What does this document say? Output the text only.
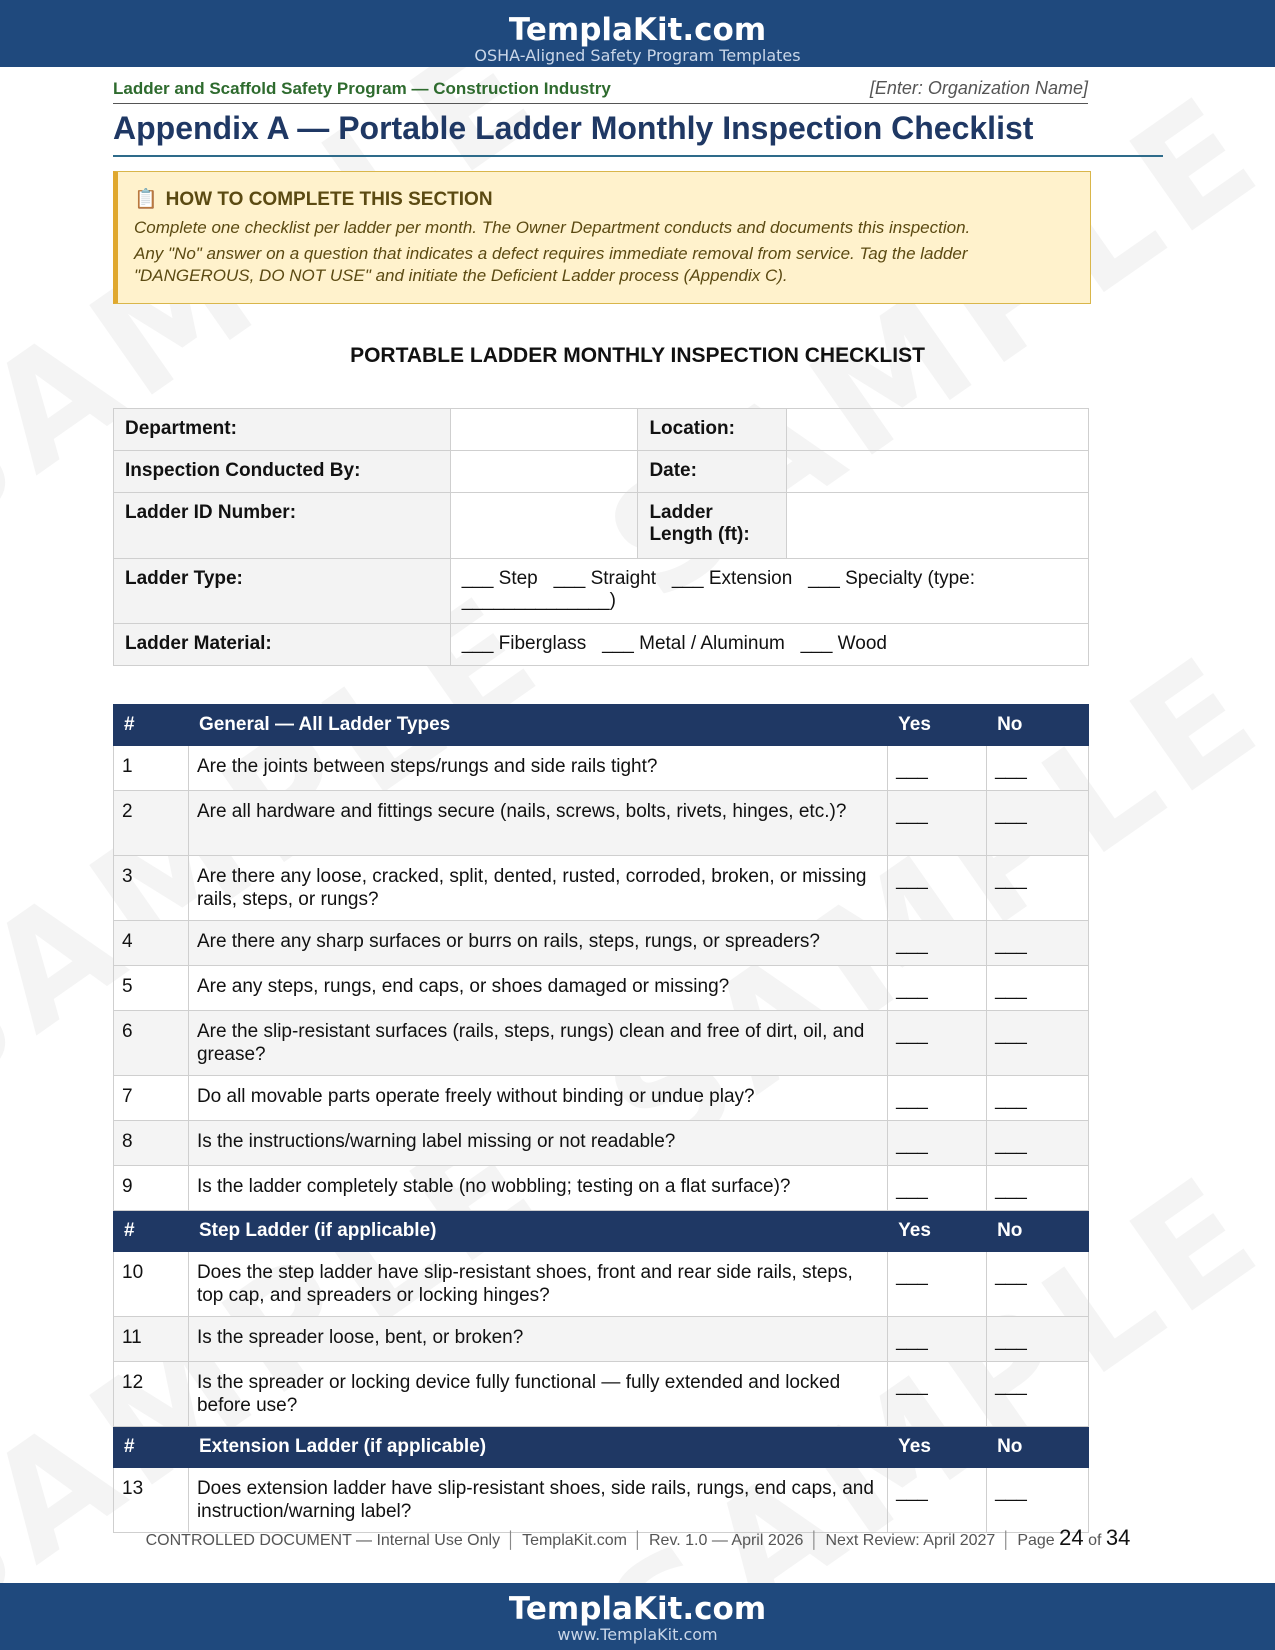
TemplaKit.com
OSHA-Aligned Safety Program Templates
Ladder and Scaffold Safety Program — Construction Industry	[Enter: Organization Name]
Appendix A — Portable Ladder Monthly Inspection Checklist
📋 HOW TO COMPLETE THIS SECTION

Complete one checklist per ladder per month. The Owner Department conducts and documents this inspection.

Any "No" answer on a question that indicates a defect requires immediate removal from service. Tag the ladder "DANGEROUS, DO NOT USE" and initiate the Deficient Ladder process (Appendix C).

PORTABLE LADDER MONTHLY INSPECTION CHECKLIST
Department:		Location:	
Inspection Conducted By:		Date:	
Ladder ID Number:		Ladder Length (ft):	
Ladder Type:	___ Step   ___ Straight   ___ Extension   ___ Specialty (type: ______________)		
Ladder Material:	___ Fiberglass   ___ Metal / Aluminum   ___ Wood		
#	General — All Ladder Types	Yes	No
1	Are the joints between steps/rungs and side rails tight?	___	___
2	Are all hardware and fittings secure (nails, screws, bolts, rivets, hinges, etc.)?	___	___
3	Are there any loose, cracked, split, dented, rusted, corroded, broken, or missing rails, steps, or rungs?	___	___
4	Are there any sharp surfaces or burrs on rails, steps, rungs, or spreaders?	___	___
5	Are any steps, rungs, end caps, or shoes damaged or missing?	___	___
6	Are the slip-resistant surfaces (rails, steps, rungs) clean and free of dirt, oil, and grease?	___	___
7	Do all movable parts operate freely without binding or undue play?	___	___
8	Is the instructions/warning label missing or not readable?	___	___
9	Is the ladder completely stable (no wobbling; testing on a flat surface)?	___	___
#	Step Ladder (if applicable)	Yes	No
10	Does the step ladder have slip-resistant shoes, front and rear side rails, steps, top cap, and spreaders or locking hinges?	___	___
11	Is the spreader loose, bent, or broken?	___	___
12	Is the spreader or locking device fully functional — fully extended and locked before use?	___	___
#	Extension Ladder (if applicable)	Yes	No
13	Does extension ladder have slip-resistant shoes, side rails, rungs, end caps, and instruction/warning label?	___	___
CONTROLLED DOCUMENT — Internal Use Only │ TemplaKit.com │ Rev. 1.0 — April 2026 │ Next Review: April 2027 │ Page 24 of 34
TemplaKit.com
www.TemplaKit.com
